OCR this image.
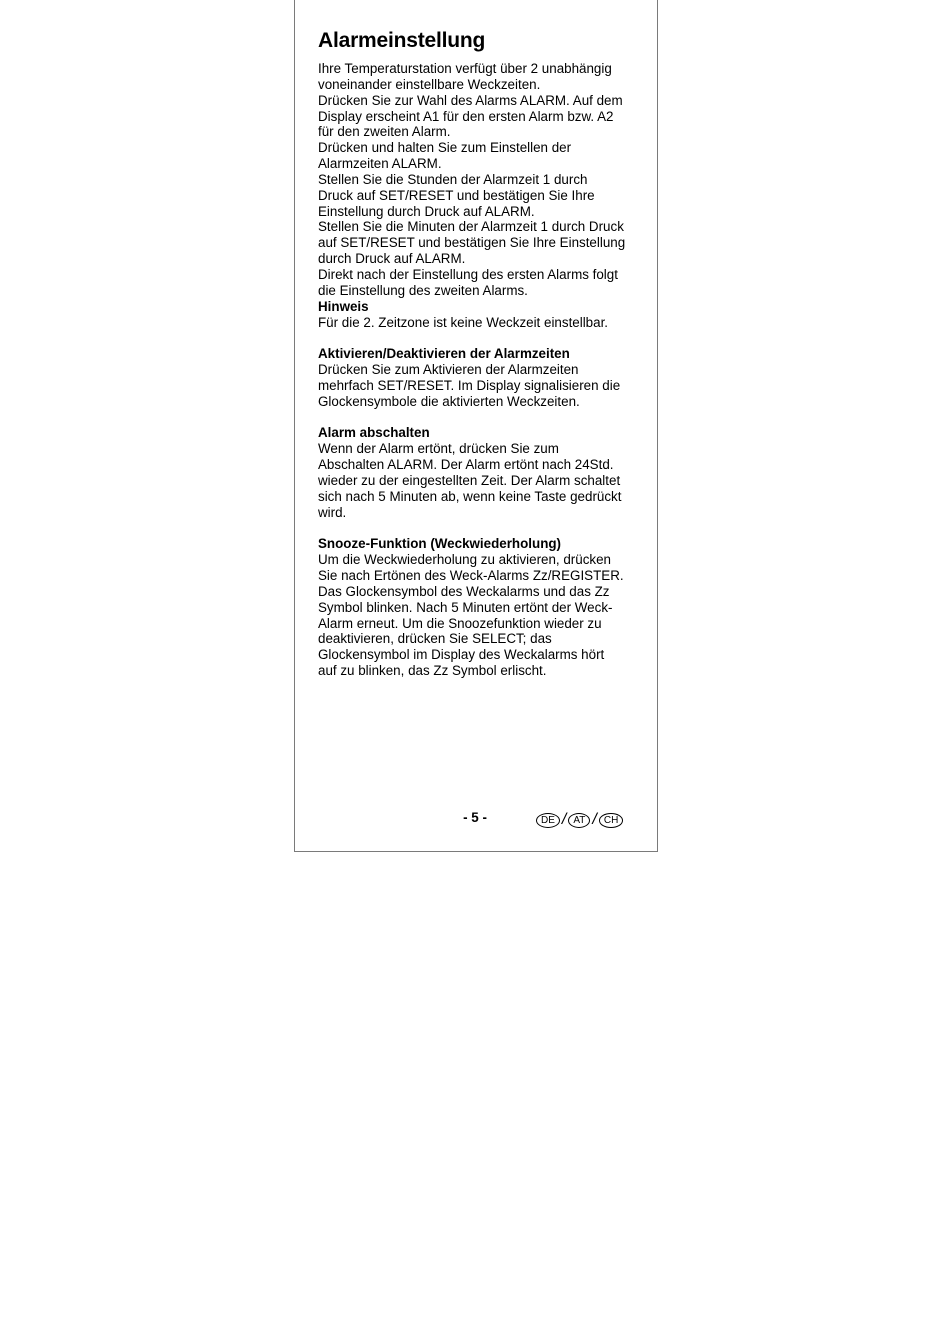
Alarmeinstellung

Ihre Temperaturstation verfügt über 2 unabhängig

voneinander einstellbare Weckzeiten.

Drücken Sie zur Wahl des Alarms ALARM. Auf dem

Display erscheint A1 für den ersten Alarm bzw. A2

für den zweiten Alarm.

Drücken und halten Sie zum Einstellen der

Alarmzeiten ALARM.

Stellen Sie die Stunden der Alarmzeit 1 durch

Druck auf SET/RESET und bestätigen Sie Ihre

Einstellung durch Druck auf ALARM.

Stellen Sie die Minuten der Alarmzeit 1 durch Druck

auf SET/RESET und bestätigen Sie Ihre Einstellung

durch Druck auf ALARM.

Direkt nach der Einstellung des ersten Alarms folgt

die Einstellung des zweiten Alarms.

Hinweis

Für die 2. Zeitzone ist keine Weckzeit einstellbar.

Aktivieren/Deaktivieren der Alarmzeiten

Drücken Sie zum Aktivieren der Alarmzeiten

mehrfach SET/RESET. Im Display signalisieren die

Glockensymbole die aktivierten Weckzeiten.

Alarm abschalten

Wenn der Alarm ertönt, drücken Sie zum

Abschalten ALARM. Der Alarm ertönt nach 24Std.

wieder zu der eingestellten Zeit. Der Alarm schaltet

sich nach 5 Minuten ab, wenn keine Taste gedrückt

wird.

Snooze-Funktion (Weckwiederholung)

Um die Weckwiederholung zu aktivieren, drücken

Sie nach Ertönen des Weck-Alarms Zz/REGISTER.

Das Glockensymbol des Weckalarms und das Zz

Symbol blinken. Nach 5 Minuten ertönt der Weck-

Alarm erneut. Um die Snoozefunktion wieder zu

deaktivieren, drücken Sie SELECT; das

Glockensymbol im Display des Weckalarms hört

auf zu blinken, das Zz Symbol erlischt.

- 5 -	DE / AT / CH
